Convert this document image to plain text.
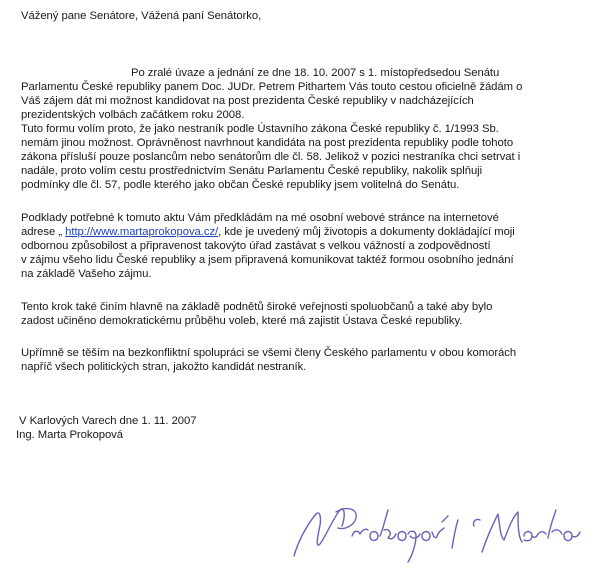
Vážený pane Senátore, Vážená paní Senátorko,
Po zralé úvaze a jednání ze dne 18. 10. 2007 s 1. místopředsedou Senátu
Parlamentu České republiky panem Doc. JUDr. Petrem Pithartem Vás touto cestou oficielně žádám o
Váš zájem dát mi možnost kandidovat na post prezidenta České republiky v nadcházejících
prezidentských volbách začátkem roku 2008.
Tuto formu volím proto, že jako nestraník podle Ústavního zákona České republiky č. 1/1993 Sb.
nemám jinou možnost. Oprávněnost navrhnout kandidáta na post prezidenta republiky podle tohoto
zákona přísluší pouze poslancům nebo senátorům dle čl. 58. Jelikož v pozici nestraníka chci setrvat i
nadále, proto volím cestu prostřednictvím Senátu Parlamentu České republiky, nakolik splňuji
podmínky dle čl. 57, podle kterého jako občan České republiky jsem volitelná do Senátu.
Podklady potřebné k tomuto aktu Vám předkládám na mé osobní webové stránce na internetové
adrese „ http://www.martaprokopova.cz/, kde je uvedený můj životopis a dokumenty dokládající moji
odbornou způsobilost a připravenost takovýto úřad zastávat s velkou vážností a zodpovědností
v zájmu všeho lidu České republiky a jsem připravená komunikovat taktéž formou osobního jednání
na základě Vašeho zájmu.
Tento krok také činím hlavně na základě podnětů široké veřejnosti spoluobčanů a také aby bylo
zadost učiněno demokratickému průběhu voleb, které má zajistit Ústava České republiky.
Upřímně se těším na bezkonfliktní spolupráci se všemi členy Českého parlamentu v obou komorách
napříč všech politických stran, jakožto kandidát nestraník.
V Karlových Varech dne 1. 11. 2007
Ing. Marta Prokopová
